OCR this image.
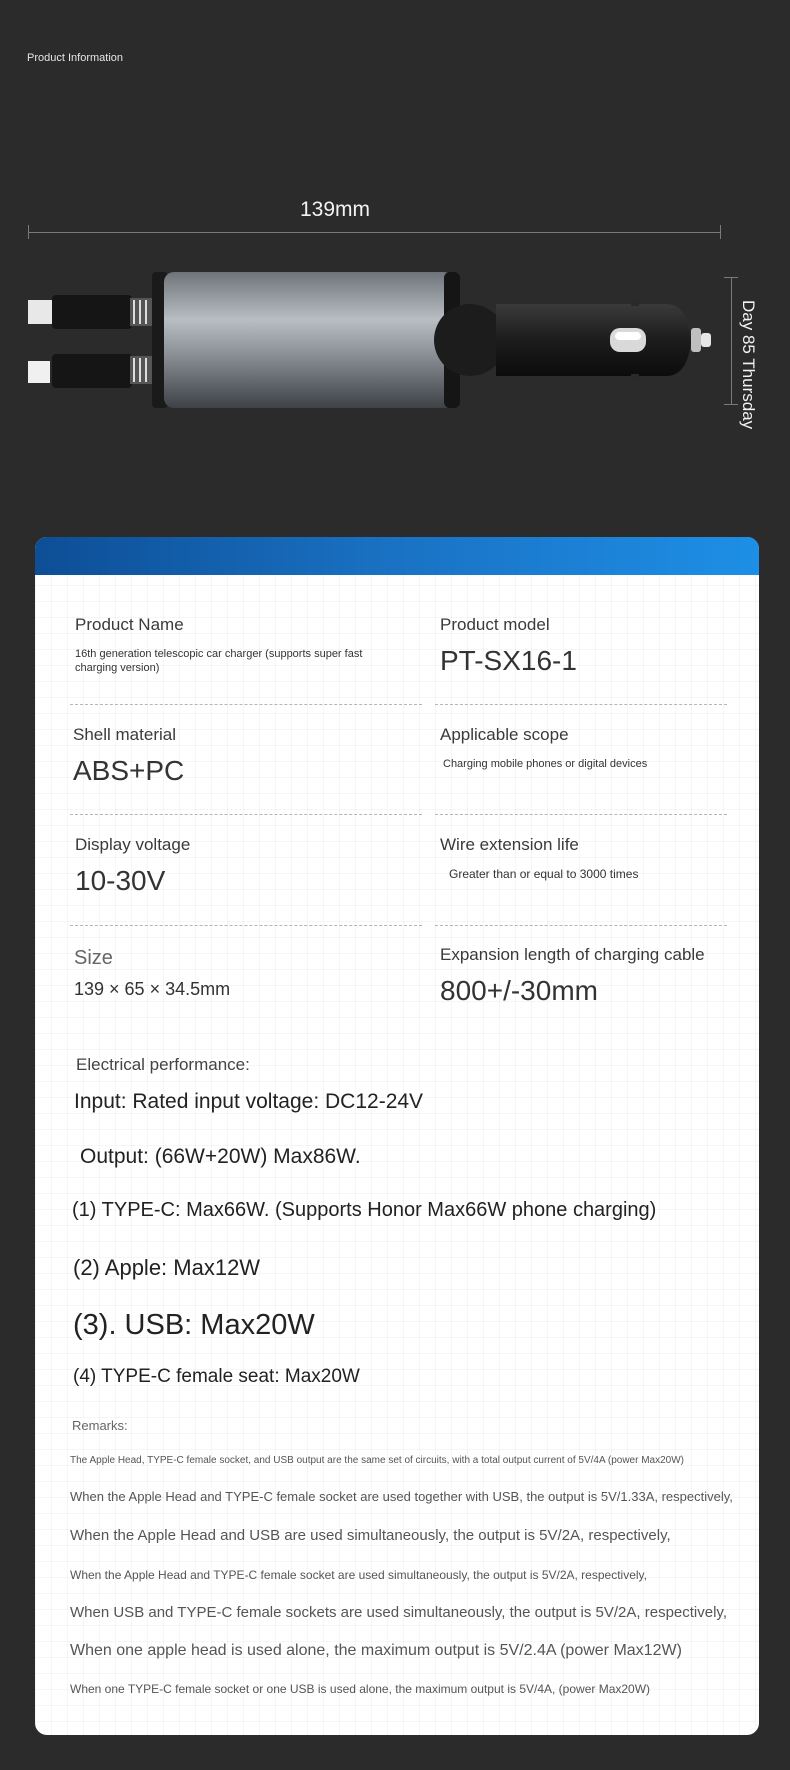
Product Information
139mm
Day 85 Thursday
Product Name
16th generation telescopic car charger (supports super fast charging version)
Product model
PT-SX16-1
Shell material
ABS+PC
Applicable scope
Charging mobile phones or digital devices
Display voltage
10-30V
Wire extension life
Greater than or equal to 3000 times
Size
139 × 65 × 34.5mm
Expansion length of charging cable
800+/-30mm
Electrical performance:
Input: Rated input voltage: DC12-24V
Output: (66W+20W) Max86W.
(1) TYPE-C: Max66W. (Supports Honor Max66W phone charging)
(2) Apple: Max12W
(3). USB: Max20W
(4) TYPE-C female seat: Max20W
Remarks:
The Apple Head, TYPE-C female socket, and USB output are the same set of circuits, with a total output current of 5V/4A (power Max20W)
When the Apple Head and TYPE-C female socket are used together with USB, the output is 5V/1.33A, respectively,
When the Apple Head and USB are used simultaneously, the output is 5V/2A, respectively,
When the Apple Head and TYPE-C female socket are used simultaneously, the output is 5V/2A, respectively,
When USB and TYPE-C female sockets are used simultaneously, the output is 5V/2A, respectively,
When one apple head is used alone, the maximum output is 5V/2.4A (power Max12W)
When one TYPE-C female socket or one USB is used alone, the maximum output is 5V/4A, (power Max20W)
